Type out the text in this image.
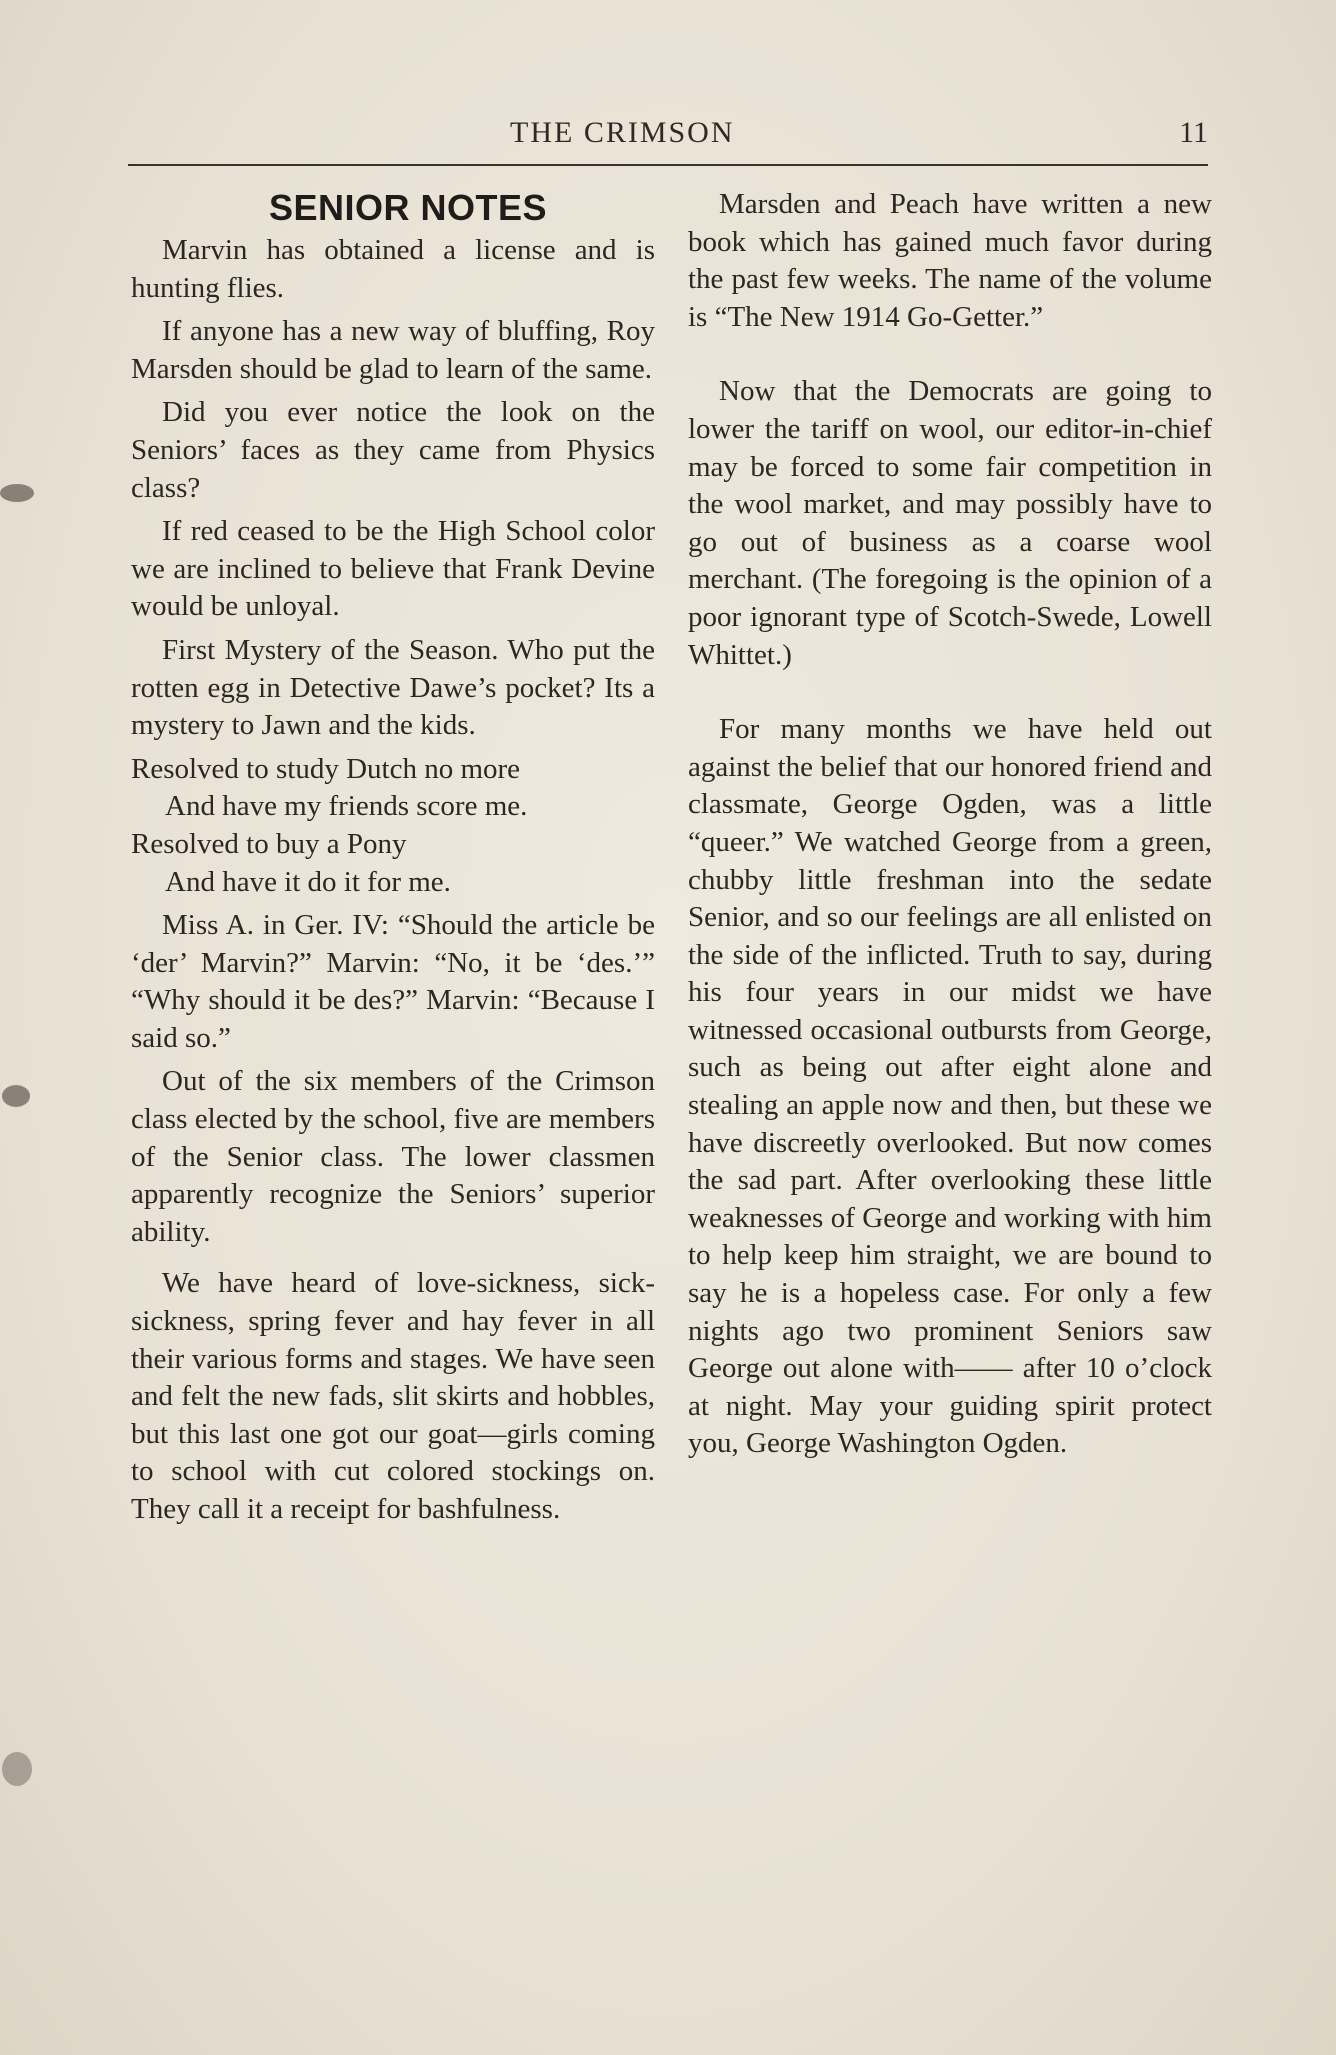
THE CRIMSON	11
SENIOR NOTES

Marvin has obtained a license and is hunting flies.

If anyone has a new way of bluffing, Roy Marsden should be glad to learn of the same.

Did you ever notice the look on the Seniors’ faces as they came from Physics class?

If red ceased to be the High School color we are inclined to believe that Frank Devine would be unloyal.

First Mystery of the Season. Who put the rotten egg in Detective Dawe’s pocket? Its a mystery to Jawn and the kids.

Resolved to study Dutch no more
And have my friends score me.
Resolved to buy a Pony
And have it do it for me.

Miss A. in Ger. IV: “Should the article be ‘der’ Marvin?” Marvin: “No, it be ‘des.’” “Why should it be des?” Marvin: “Because I said so.”

Out of the six members of the Crimson class elected by the school, five are members of the Senior class. The lower classmen apparently recognize the Seniors’ superior ability.

We have heard of love-sickness, sick-sickness, spring fever and hay fever in all their various forms and stages. We have seen and felt the new fads, slit skirts and hobbles, but this last one got our goat—girls coming to school with cut colored stockings on. They call it a receipt for bashfulness.

Marsden and Peach have written a new book which has gained much favor during the past few weeks. The name of the volume is “The New 1914 Go-Getter.”

Now that the Democrats are going to lower the tariff on wool, our editor-in-chief may be forced to some fair competition in the wool market, and may possibly have to go out of business as a coarse wool merchant. (The foregoing is the opinion of a poor ignorant type of Scotch-Swede, Lowell Whittet.)

For many months we have held out against the belief that our honored friend and classmate, George Ogden, was a little “queer.” We watched George from a green, chubby little freshman into the sedate Senior, and so our feelings are all enlisted on the side of the inflicted. Truth to say, during his four years in our midst we have witnessed occasional outbursts from George, such as being out after eight alone and stealing an apple now and then, but these we have discreetly overlooked. But now comes the sad part. After overlooking these little weaknesses of George and working with him to help keep him straight, we are bound to say he is a hopeless case. For only a few nights ago two prominent Seniors saw George out alone with—— after 10 o’clock at night. May your guiding spirit protect you, George Washington Ogden.
